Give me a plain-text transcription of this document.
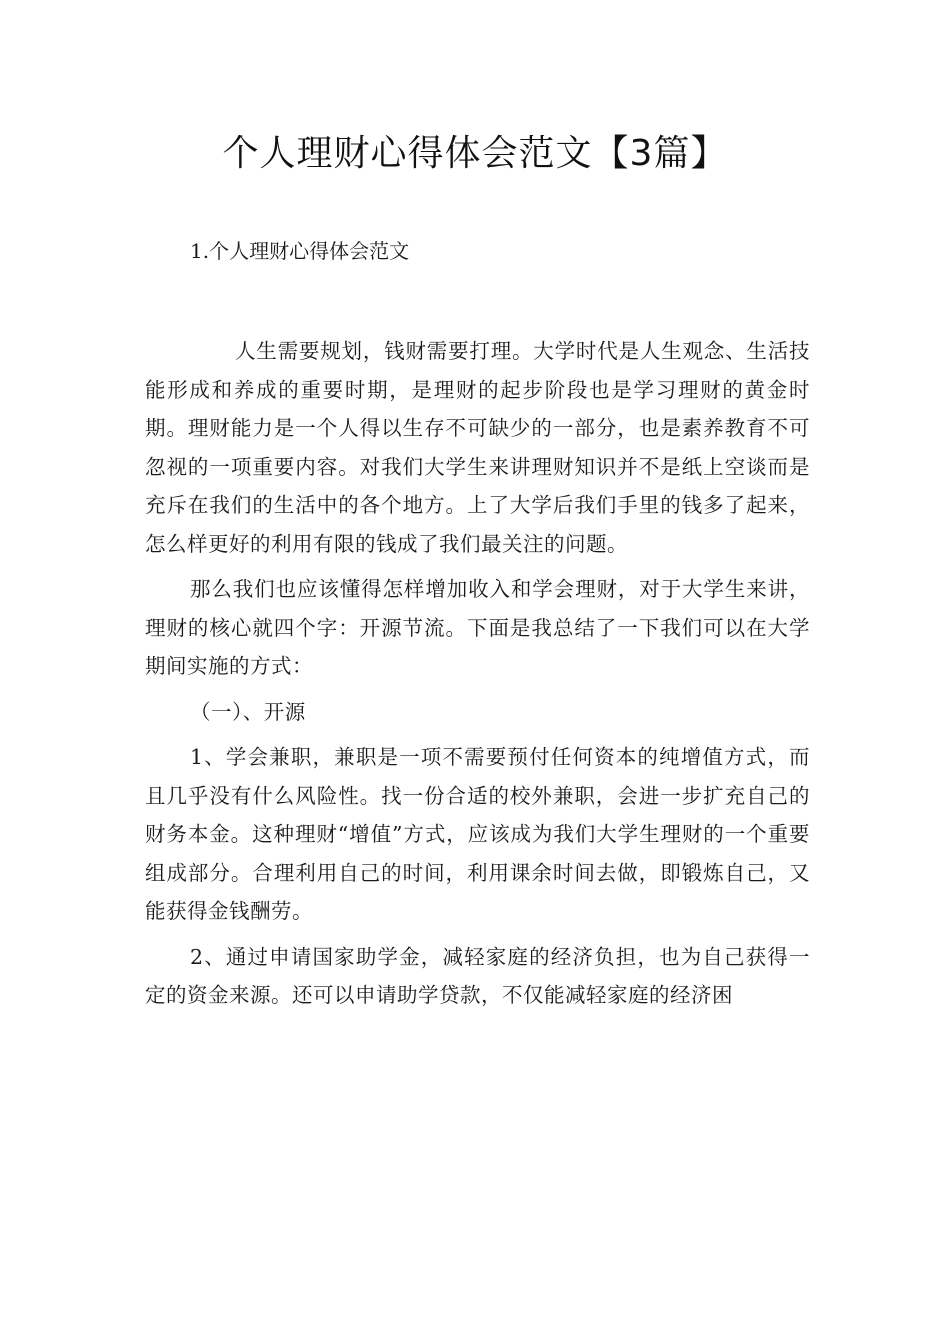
个人理财心得体会范文【3篇】
1.个人理财心得体会范文

人生需要规划，钱财需要打理。大学时代是人生观念、生活技能形成和养成的重要时期，是理财的起步阶段也是学习理财的黄金时期。理财能力是一个人得以生存不可缺少的一部分，也是素养教育不可忽视的一项重要内容。对我们大学生来讲理财知识并不是纸上空谈而是充斥在我们的生活中的各个地方。上了大学后我们手里的钱多了起来，怎么样更好的利用有限的钱成了我们最关注的问题。

那么我们也应该懂得怎样增加收入和学会理财，对于大学生来讲，理财的核心就四个字：开源节流。下面是我总结了一下我们可以在大学期间实施的方式：

（一）、开源

1、学会兼职，兼职是一项不需要预付任何资本的纯增值方式，而且几乎没有什么风险性。找一份合适的校外兼职，会进一步扩充自己的财务本金。这种理财“增值”方式，应该成为我们大学生理财的一个重要组成部分。合理利用自己的时间，利用课余时间去做，即锻炼自己，又能获得金钱酬劳。

2、通过申请国家助学金，减轻家庭的经济负担，也为自己获得一定的资金来源。还可以申请助学贷款，不仅能减轻家庭的经济困
